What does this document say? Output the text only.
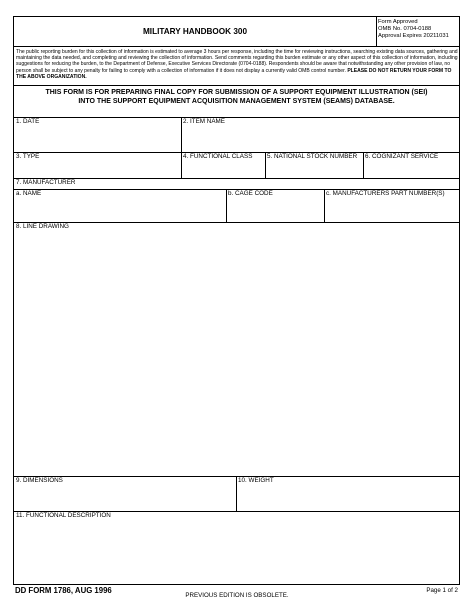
MILITARY HANDBOOK 300
Form Approved
OMB No. 0704-0188
Approval Expires 20211031
The public reporting burden for this collection of information is estimated to average 3 hours per response, including the time for reviewing instructions, searching existing data sources, gathering and maintaining the data needed, and completing and reviewing the collection of information. Send comments regarding this burden estimate or any other aspect of this collection of information, including suggestions for reducing the burden, to the Department of Defense, Executive Services Directorate (0704-0188). Respondents should be aware that notwithstanding any other provision of law, no person shall be subject to any penalty for failing to comply with a collection of information if it does not display a currently valid OMB control number. PLEASE DO NOT RETURN YOUR FORM TO THE ABOVE ORGANIZATION.
THIS FORM IS FOR PREPARING FINAL COPY FOR SUBMISSION OF A SUPPORT EQUIPMENT ILLUSTRATION (SEI) INTO THE SUPPORT EQUIPMENT ACQUISITION MANAGEMENT SYSTEM (SEAMS) DATABASE.
1. DATE	2. ITEM NAME
3. TYPE	4. FUNCTIONAL CLASS 5. NATIONAL STOCK NUMBER 6. COGNIZANT SERVICE
7. MANUFACTURER
a. NAME	b. CAGE CODE	c. MANUFACTURERS PART NUMBER(S)
8. LINE DRAWING
9. DIMENSIONS	10. WEIGHT
11. FUNCTIONAL DESCRIPTION
DD FORM 1786, AUG 1996
PREVIOUS EDITION IS OBSOLETE.
Page 1 of 2
